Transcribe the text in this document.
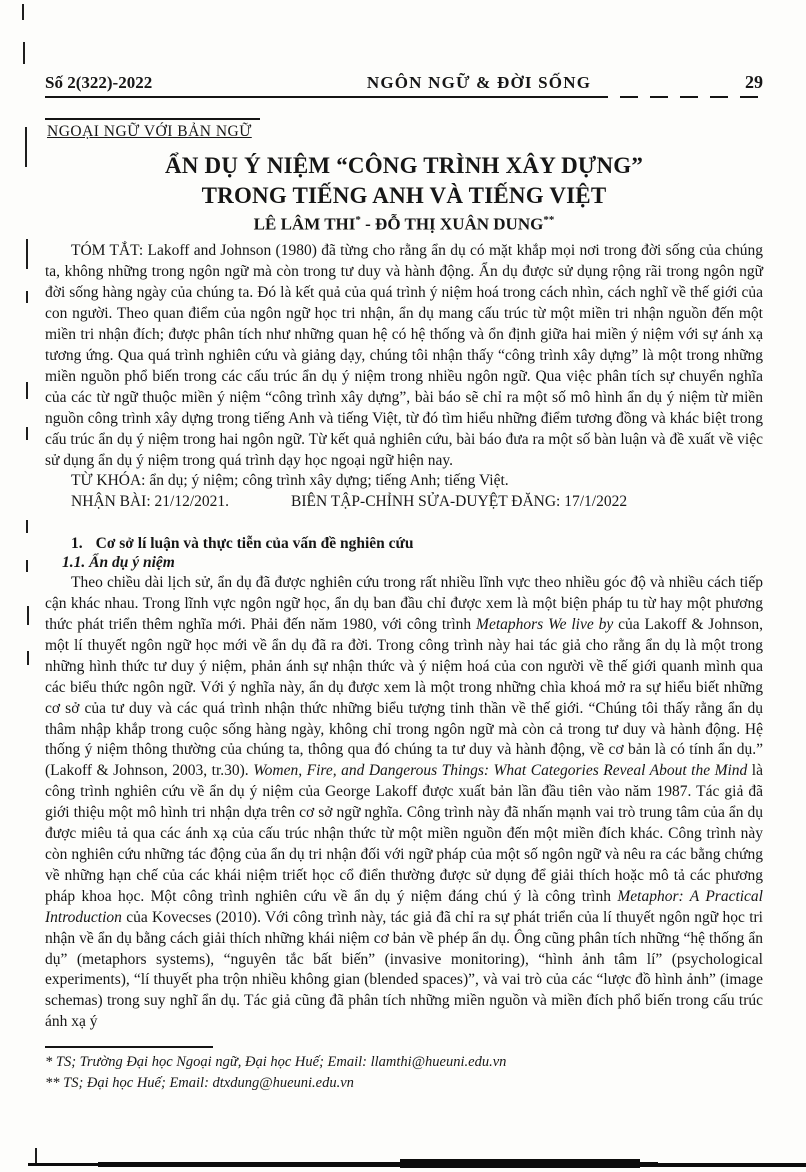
Số 2(322)-2022	NGÔN NGỮ & ĐỜI SỐNG	29
NGOẠI NGỮ VỚI BẢN NGỮ
ẨN DỤ Ý NIỆM “CÔNG TRÌNH XÂY DỰNG”
TRONG TIẾNG ANH VÀ TIẾNG VIỆT
LÊ LÂM THI* - ĐỖ THỊ XUÂN DUNG**

TÓM TẮT: Lakoff and Johnson (1980) đã từng cho rằng ẩn dụ có mặt khắp mọi nơi trong đời sống của chúng ta, không những trong ngôn ngữ mà còn trong tư duy và hành động. Ẩn dụ được sử dụng rộng rãi trong ngôn ngữ đời sống hàng ngày của chúng ta. Đó là kết quả của quá trình ý niệm hoá trong cách nhìn, cách nghĩ về thế giới của con người. Theo quan điểm của ngôn ngữ học tri nhận, ẩn dụ mang cấu trúc từ một miền tri nhận nguồn đến một miền tri nhận đích; được phân tích như những quan hệ có hệ thống và ổn định giữa hai miền ý niệm với sự ánh xạ tương ứng. Qua quá trình nghiên cứu và giảng dạy, chúng tôi nhận thấy “công trình xây dựng” là một trong những miền nguồn phổ biến trong các cấu trúc ẩn dụ ý niệm trong nhiều ngôn ngữ. Qua việc phân tích sự chuyển nghĩa của các từ ngữ thuộc miền ý niệm “công trình xây dựng”, bài báo sẽ chỉ ra một số mô hình ẩn dụ ý niệm từ miền nguồn công trình xây dựng trong tiếng Anh và tiếng Việt, từ đó tìm hiểu những điểm tương đồng và khác biệt trong cấu trúc ẩn dụ ý niệm trong hai ngôn ngữ. Từ kết quả nghiên cứu, bài báo đưa ra một số bàn luận và đề xuất về việc sử dụng ẩn dụ ý niệm trong quá trình dạy học ngoại ngữ hiện nay.

TỪ KHÓA: ẩn dụ; ý niệm; công trình xây dựng; tiếng Anh; tiếng Việt.

NHẬN BÀI: 21/12/2021.	BIÊN TẬP-CHỈNH SỬA-DUYỆT ĐĂNG: 17/1/2022
1. Cơ sở lí luận và thực tiễn của vấn đề nghiên cứu
1.1. Ẩn dụ ý niệm

Theo chiều dài lịch sử, ẩn dụ đã được nghiên cứu trong rất nhiều lĩnh vực theo nhiều góc độ và nhiều cách tiếp cận khác nhau. Trong lĩnh vực ngôn ngữ học, ẩn dụ ban đầu chỉ được xem là một biện pháp tu từ hay một phương thức phát triển thêm nghĩa mới. Phải đến năm 1980, với công trình Metaphors We live by của Lakoff & Johnson, một lí thuyết ngôn ngữ học mới về ẩn dụ đã ra đời. Trong công trình này hai tác giả cho rằng ẩn dụ là một trong những hình thức tư duy ý niệm, phản ánh sự nhận thức và ý niệm hoá của con người về thế giới quanh mình qua các biểu thức ngôn ngữ. Với ý nghĩa này, ẩn dụ được xem là một trong những chìa khoá mở ra sự hiểu biết những cơ sở của tư duy và các quá trình nhận thức những biểu tượng tinh thần về thế giới. “Chúng tôi thấy rằng ẩn dụ thâm nhập khắp trong cuộc sống hàng ngày, không chỉ trong ngôn ngữ mà còn cả trong tư duy và hành động. Hệ thống ý niệm thông thường của chúng ta, thông qua đó chúng ta tư duy và hành động, về cơ bản là có tính ẩn dụ.” (Lakoff & Johnson, 2003, tr.30). Women, Fire, and Dangerous Things: What Categories Reveal About the Mind là công trình nghiên cứu về ẩn dụ ý niệm của George Lakoff được xuất bản lần đầu tiên vào năm 1987. Tác giả đã giới thiệu một mô hình tri nhận dựa trên cơ sở ngữ nghĩa. Công trình này đã nhấn mạnh vai trò trung tâm của ẩn dụ được miêu tả qua các ánh xạ của cấu trúc nhận thức từ một miền nguồn đến một miền đích khác. Công trình này còn nghiên cứu những tác động của ẩn dụ tri nhận đối với ngữ pháp của một số ngôn ngữ và nêu ra các bằng chứng về những hạn chế của các khái niệm triết học cổ điển thường được sử dụng để giải thích hoặc mô tả các phương pháp khoa học. Một công trình nghiên cứu về ẩn dụ ý niệm đáng chú ý là công trình Metaphor: A Practical Introduction của Kovecses (2010). Với công trình này, tác giả đã chỉ ra sự phát triển của lí thuyết ngôn ngữ học tri nhận về ẩn dụ bằng cách giải thích những khái niệm cơ bản về phép ẩn dụ. Ông cũng phân tích những “hệ thống ẩn dụ” (metaphors systems), “nguyên tắc bất biến” (invasive monitoring), “hình ảnh tâm lí” (psychological experiments), “lí thuyết pha trộn nhiều không gian (blended spaces)”, và vai trò của các “lược đồ hình ảnh” (image schemas) trong suy nghĩ ẩn dụ. Tác giả cũng đã phân tích những miền nguồn và miền đích phổ biến trong cấu trúc ánh xạ ý

* TS; Trường Đại học Ngoại ngữ, Đại học Huế; Email: llamthi@hueuni.edu.vn
** TS; Đại học Huế; Email: dtxdung@hueuni.edu.vn
